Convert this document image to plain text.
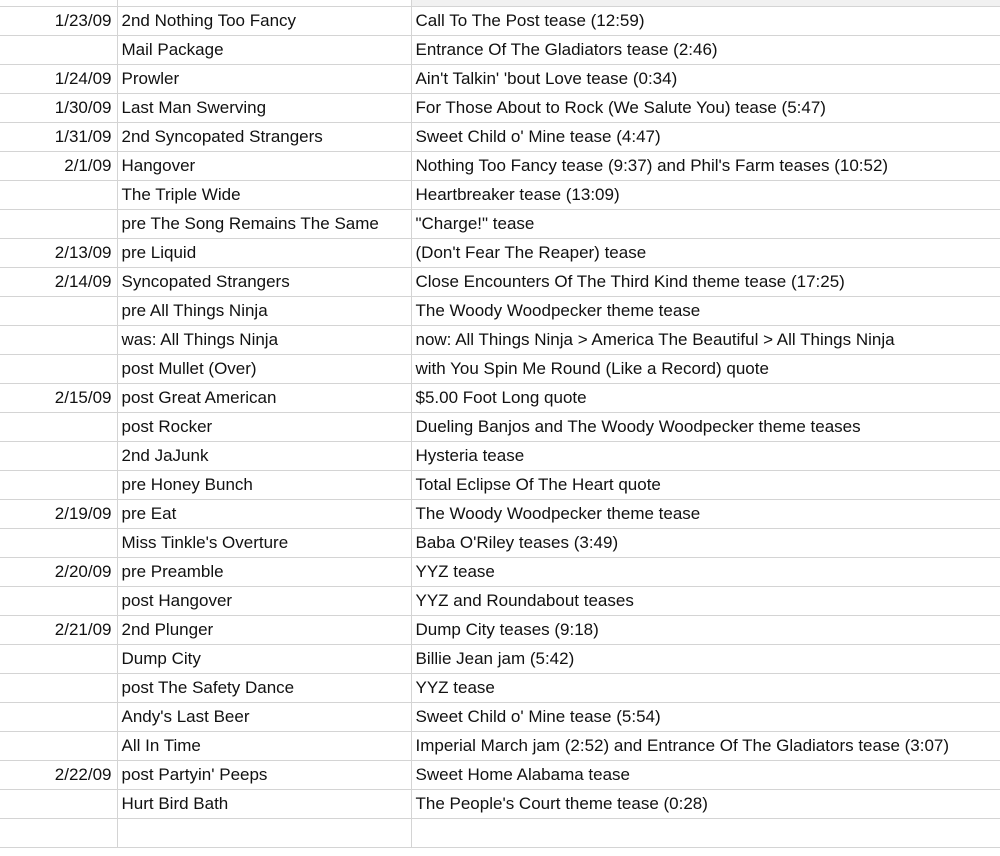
1/23/09	2nd Nothing Too Fancy	Call To The Post tease (12:59)
	Mail Package	Entrance Of The Gladiators tease (2:46)
1/24/09	Prowler	Ain't Talkin' 'bout Love tease (0:34)
1/30/09	Last Man Swerving	For Those About to Rock (We Salute You) tease (5:47)
1/31/09	2nd Syncopated Strangers	Sweet Child o' Mine tease (4:47)
2/1/09	Hangover	Nothing Too Fancy tease (9:37) and Phil's Farm teases (10:52)
	The Triple Wide	Heartbreaker tease (13:09)
	pre The Song Remains The Same	"Charge!" tease
2/13/09	pre Liquid	(Don't Fear The Reaper) tease
2/14/09	Syncopated Strangers	Close Encounters Of The Third Kind theme tease (17:25)
	pre All Things Ninja	The Woody Woodpecker theme tease
	was: All Things Ninja	now: All Things Ninja > America The Beautiful > All Things Ninja
	post Mullet (Over)	with You Spin Me Round (Like a Record) quote
2/15/09	post Great American	$5.00 Foot Long quote
	post Rocker	Dueling Banjos and The Woody Woodpecker theme teases
	2nd JaJunk	Hysteria tease
	pre Honey Bunch	Total Eclipse Of The Heart quote
2/19/09	pre Eat	The Woody Woodpecker theme tease
	Miss Tinkle's Overture	Baba O'Riley teases (3:49)
2/20/09	pre Preamble	YYZ tease
	post Hangover	YYZ and Roundabout teases
2/21/09	2nd Plunger	Dump City teases (9:18)
	Dump City	Billie Jean jam (5:42)
	post The Safety Dance	YYZ tease
	Andy's Last Beer	Sweet Child o' Mine tease (5:54)
	All In Time	Imperial March jam (2:52) and Entrance Of The Gladiators tease (3:07)
2/22/09	post Partyin' Peeps	Sweet Home Alabama tease
	Hurt Bird Bath	The People's Court theme tease (0:28)
